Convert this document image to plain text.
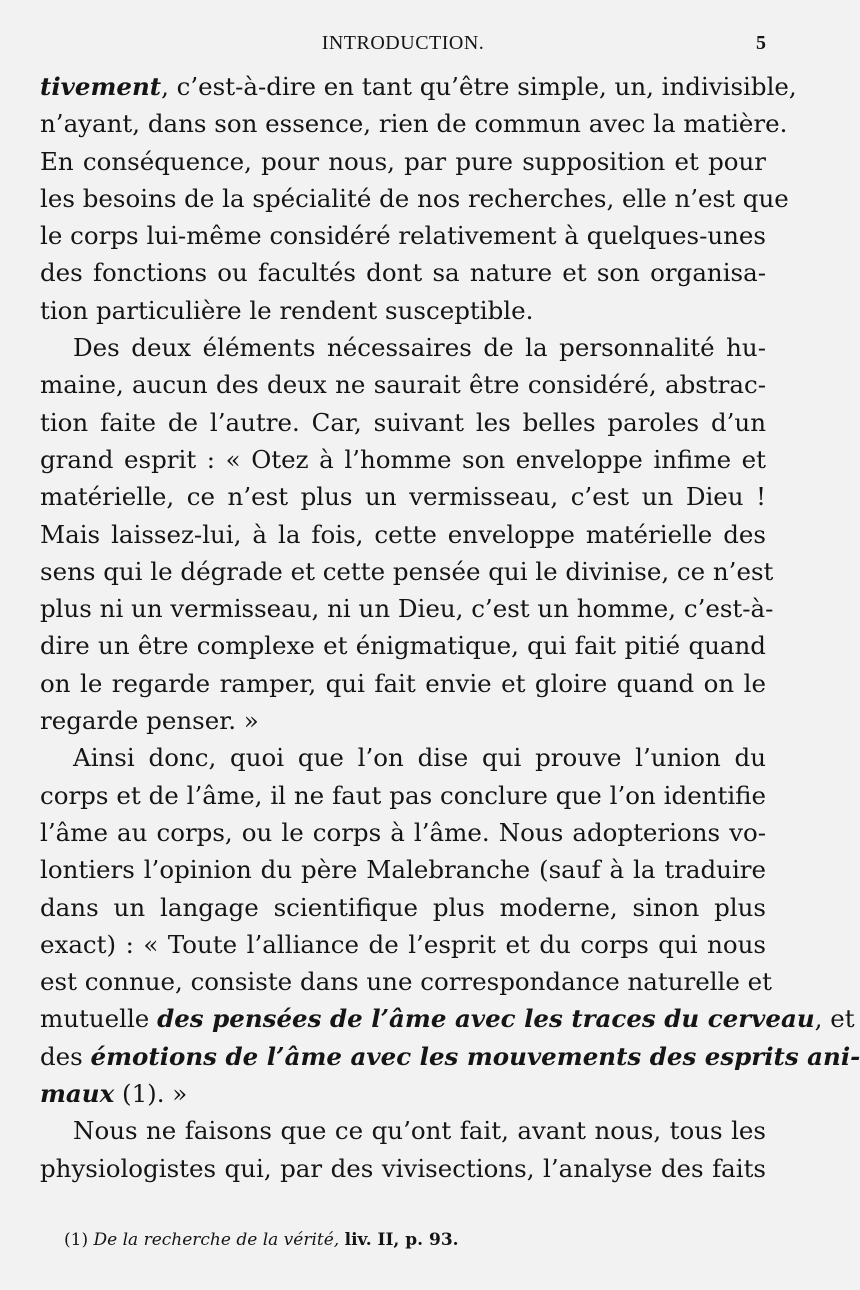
INTRODUCTION.	5
tivement, c’est-à-dire en tant qu’être simple, un, indivisible,
n’ayant, dans son essence, rien de commun avec la matière.
En conséquence, pour nous, par pure supposition et pour
les besoins de la spécialité de nos recherches, elle n’est que
le corps lui-même considéré relativement à quelques-unes
des fonctions ou facultés dont sa nature et son organisa-
tion particulière le rendent susceptible.
Des deux éléments nécessaires de la personnalité hu-
maine, aucun des deux ne saurait être considéré, abstrac-
tion faite de l’autre. Car, suivant les belles paroles d’un
grand esprit : « Otez à l’homme son enveloppe infime et
matérielle, ce n’est plus un vermisseau, c’est un Dieu !
Mais laissez-lui, à la fois, cette enveloppe matérielle des
sens qui le dégrade et cette pensée qui le divinise, ce n’est
plus ni un vermisseau, ni un Dieu, c’est un homme, c’est-à-
dire un être complexe et énigmatique, qui fait pitié quand
on le regarde ramper, qui fait envie et gloire quand on le
regarde penser. »
Ainsi donc, quoi que l’on dise qui prouve l’union du
corps et de l’âme, il ne faut pas conclure que l’on identifie
l’âme au corps, ou le corps à l’âme. Nous adopterions vo-
lontiers l’opinion du père Malebranche (sauf à la traduire
dans un langage scientifique plus moderne, sinon plus
exact) : « Toute l’alliance de l’esprit et du corps qui nous
est connue, consiste dans une correspondance naturelle et
mutuelle des pensées de l’âme avec les traces du cerveau, et
des émotions de l’âme avec les mouvements des esprits ani-
maux (1). »
Nous ne faisons que ce qu’ont fait, avant nous, tous les
physiologistes qui, par des vivisections, l’analyse des faits
(1) De la recherche de la vérité, liv. II, p. 93.
